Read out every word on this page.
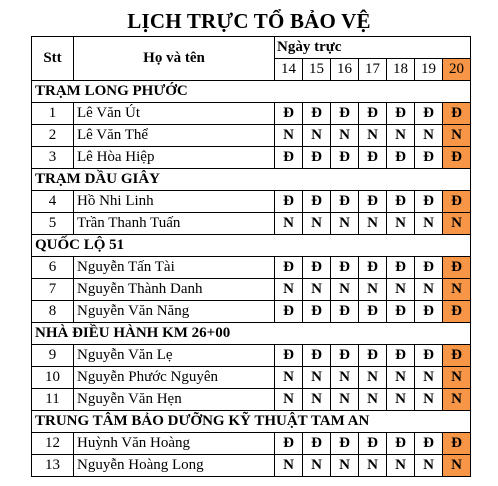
LỊCH TRỰC TỔ BẢO VỆ
Stt	Họ và tên	Ngày trực						
		14	15	16	17	18	19	20
TRẠM LONG PHƯỚC								
1	Lê Văn Út	Đ	Đ	Đ	Đ	Đ	Đ	Đ
2	Lê Văn Thể	N	N	N	N	N	N	N
3	Lê Hòa Hiệp	Đ	Đ	Đ	Đ	Đ	Đ	Đ
TRẠM DẦU GIÂY								
4	Hồ Nhi Linh	Đ	Đ	Đ	Đ	Đ	Đ	Đ
5	Trần Thanh Tuấn	N	N	N	N	N	N	N
QUỐC LỘ 51								
6	Nguyễn Tấn Tài	Đ	Đ	Đ	Đ	Đ	Đ	Đ
7	Nguyễn Thành Danh	N	N	N	N	N	N	N
8	Nguyễn Văn Năng	Đ	Đ	Đ	Đ	Đ	Đ	Đ
NHÀ ĐIỀU HÀNH KM 26+00								
9	Nguyễn Văn Lẹ	Đ	Đ	Đ	Đ	Đ	Đ	Đ
10	Nguyễn Phước Nguyên	N	N	N	N	N	N	N
11	Nguyễn Văn Hẹn	N	N	N	N	N	N	N
TRUNG TÂM BẢO DƯỠNG KỸ THUẬT TAM AN								
12	Huỳnh Văn Hoàng	Đ	Đ	Đ	Đ	Đ	Đ	Đ
13	Nguyễn Hoàng Long	N	N	N	N	N	N	N
